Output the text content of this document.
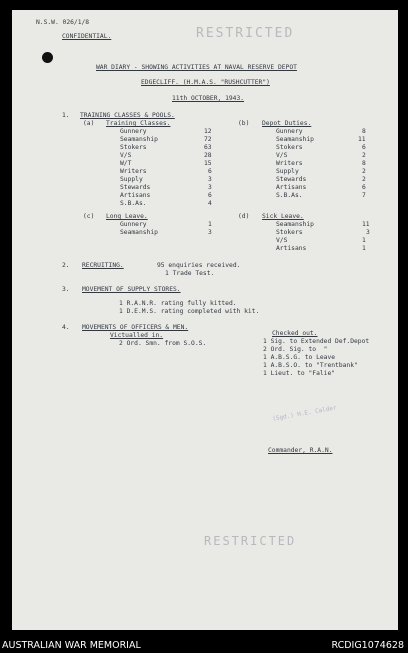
N.S.W. 026/1/8
CONFIDENTIAL.	RESTRICTED
WAR DIARY - SHOWING ACTIVITIES AT NAVAL RESERVE DEPOT
EDGECLIFF. (H.M.A.S. "RUSHCUTTER")
11th OCTOBER, 1943.
1. TRAINING CLASSES & POOLS.
(a) Training Classes.
Gunnery	12
Seamanship	72
Stokers	63
V/S	28
W/T	15
Writers	6
Supply	3
Stewards	3
Artisans	6
S.B.As.	4
(b) Depot Duties.
Gunnery	8
Seamanship	11
Stokers	6
V/S	2
Writers	8
Supply	2
Stewards	2
Artisans	6
S.B.As.	7
(c) Long Leave.
Gunnery	1
Seamanship	3
(d) Sick Leave.
Seamanship	11
Stokers	3
V/S	1
Artisans	1
2. RECRUITING.	95 enquiries received.
1 Trade Test.
3. MOVEMENT OF SUPPLY STORES.
1 R.A.N.R. rating fully kitted.
1 D.E.M.S. rating completed with kit.
4. MOVEMENTS OF OFFICERS & MEN.
Victualled in.
2 Ord. Smn. from S.O.S.
Checked out.
1 Sig. to Extended Def.Depot
2 Ord. Sig. to  "
1 A.B.S.G. to Leave
1 A.B.S.O. to "Trentbank"
1 Lieut. to "Falie"
(Sgd.) H.E. Calder
Commander, R.A.N.
RESTRICTED
AUSTRALIAN WAR MEMORIAL	RCDIG1074628
